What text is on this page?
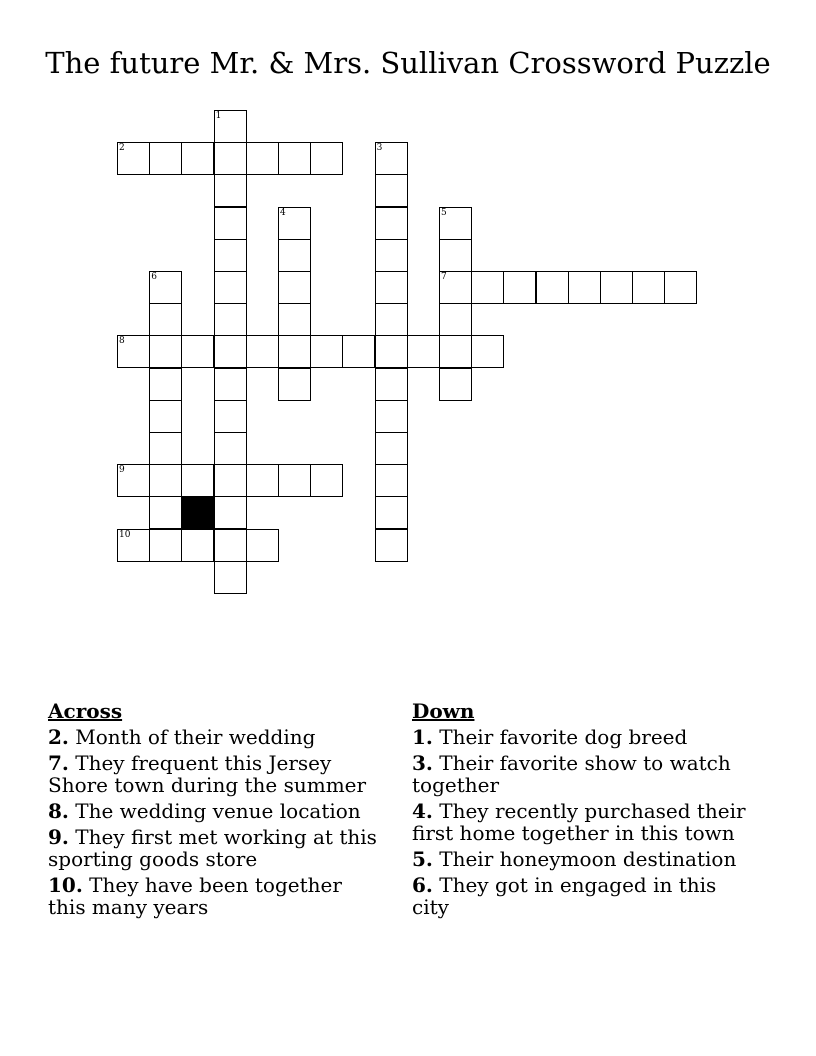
The future Mr. & Mrs. Sullivan Crossword Puzzle
1
2	3
4	5
6	7
8
9
10
Across
2. Month of their wedding
7. They frequent this Jersey Shore town during the summer
8. The wedding venue location
9. They first met working at this sporting goods store
10. They have been together this many years
Down
1. Their favorite dog breed
3. Their favorite show to watch together
4. They recently purchased their first home together in this town
5. Their honeymoon destination
6. They got in engaged in this city
